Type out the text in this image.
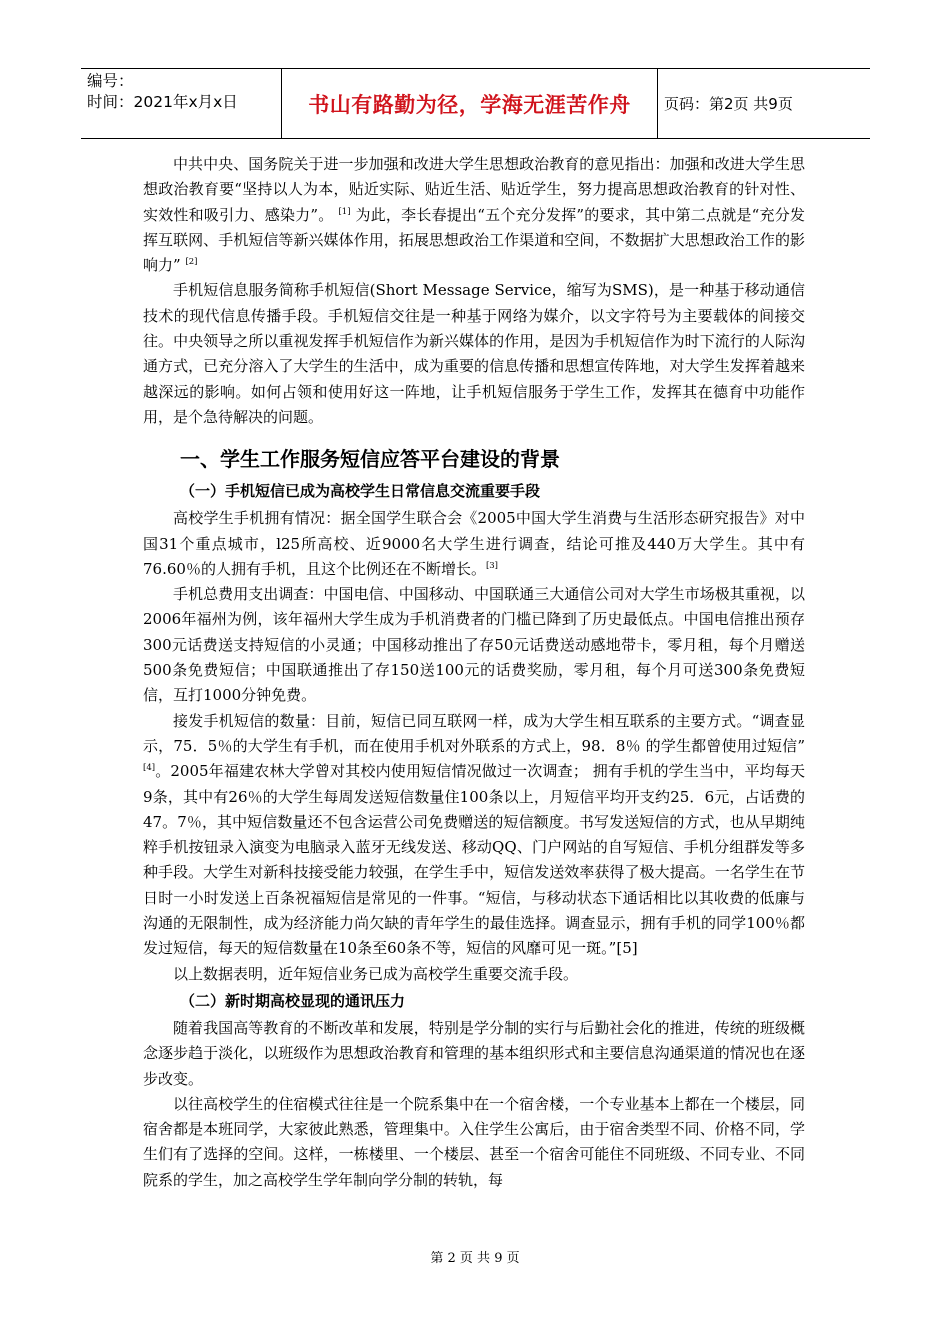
编号：
时间：2021年x月x日	书山有路勤为径，学海无涯苦作舟	页码：第2页 共9页

中共中央、国务院关于进一步加强和改进大学生思想政治教育的意见指出：加强和改进大学生思想政治教育要“坚持以人为本，贴近实际、贴近生活、贴近学生，努力提高思想政治教育的针对性、实效性和吸引力、感染力”。 [1] 为此，李长春提出“五个充分发挥”的要求，其中第二点就是“充分发挥互联网、手机短信等新兴媒体作用，拓展思想政治工作渠道和空间，不数据扩大思想政治工作的影响力” [2]

手机短信息服务简称手机短信(Short Message Service，缩写为SMS)，是一种基于移动通信技术的现代信息传播手段。手机短信交往是一种基于网络为媒介，以文字符号为主要载体的间接交往。中央领导之所以重视发挥手机短信作为新兴媒体的作用，是因为手机短信作为时下流行的人际沟通方式，已充分溶入了大学生的生活中，成为重要的信息传播和思想宣传阵地，对大学生发挥着越来越深远的影响。如何占领和使用好这一阵地，让手机短信服务于学生工作，发挥其在德育中功能作用，是个急待解决的问题。

一、学生工作服务短信应答平台建设的背景
（一）手机短信已成为高校学生日常信息交流重要手段

高校学生手机拥有情况：据全国学生联合会《2005中国大学生消费与生活形态研究报告》对中国31个重点城市，l25所高校、近9000名大学生进行调查，结论可推及440万大学生。其中有76.60％的人拥有手机，且这个比例还在不断增长。[3]

手机总费用支出调查：中国电信、中国移动、中国联通三大通信公司对大学生市场极其重视，以2006年福州为例，该年福州大学生成为手机消费者的门槛已降到了历史最低点。中国电信推出预存300元话费送支持短信的小灵通；中国移动推出了存50元话费送动感地带卡，零月租，每个月赠送500条免费短信；中国联通推出了存150送100元的话费奖励，零月租，每个月可送300条免费短信，互打1000分钟免费。

接发手机短信的数量：目前，短信已同互联网一样，成为大学生相互联系的主要方式。“调查显示，75．5％的大学生有手机，而在使用手机对外联系的方式上，98．8％ 的学生都曾使用过短信” [4]。2005年福建农林大学曾对其校内使用短信情况做过一次调查； 拥有手机的学生当中，平均每天9条，其中有26％的大学生每周发送短信数量住100条以上，月短信平均开支约25．6元，占话费的47。7％，其中短信数量还不包含运营公司免费赠送的短信额度。书写发送短信的方式，也从早期纯粹手机按钮录入演变为电脑录入蓝牙无线发送、移动QQ、门户网站的自写短信、手机分组群发等多种手段。大学生对新科技接受能力较强，在学生手中，短信发送效率获得了极大提高。一名学生在节日时一小时发送上百条祝福短信是常见的一件事。“短信，与移动状态下通话相比以其收费的低廉与沟通的无限制性，成为经济能力尚欠缺的青年学生的最佳选择。调查显示，拥有手机的同学100％都发过短信，每天的短信数量在10条至60条不等，短信的风靡可见一斑。”[5]

以上数据表明，近年短信业务已成为高校学生重要交流手段。

（二）新时期高校显现的通讯压力

随着我国高等教育的不断改革和发展，特别是学分制的实行与后勤社会化的推进，传统的班级概念逐步趋于淡化，以班级作为思想政治教育和管理的基本组织形式和主要信息沟通渠道的情况也在逐步改变。

以往高校学生的住宿模式往往是一个院系集中在一个宿舍楼，一个专业基本上都在一个楼层，同宿舍都是本班同学，大家彼此熟悉，管理集中。入住学生公寓后，由于宿舍类型不同、价格不同，学生们有了选择的空间。这样，一栋楼里、一个楼层、甚至一个宿舍可能住不同班级、不同专业、不同院系的学生，加之高校学生学年制向学分制的转轨，每

第 2 页 共 9 页
